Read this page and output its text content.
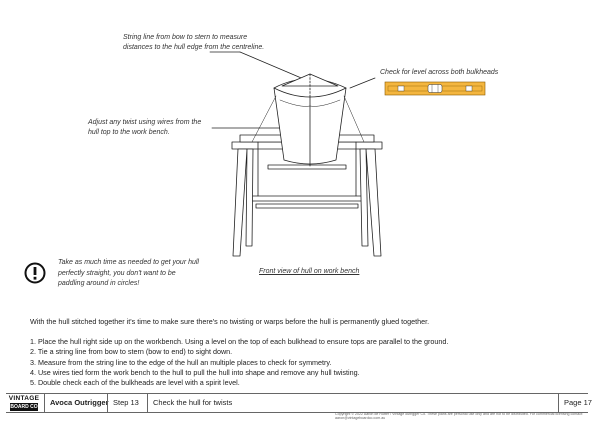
String line from bow to stern to measure
distances to the hull edge from the centreline.
Check for level across both bulkheads
Adjust any twist using wires from the
hull top to the work bench.
Front view of hull on work bench
Take as much time as needed to get your hull
perfectly straight, you don't want to be
paddling around in circles!
With the hull stitched together it's time to make sure there's no twisting or warps before the hull is permanently glued together.
1. Place the hull right side up on the workbench. Using a level on the top of each bulkhead to ensure tops are parallel to the ground.
2. Tie a string line from bow to stern (bow to end) to sight down.
3. Measure from the string line to the edge of the hull an multiple places to check for symmetry.
4. Use wires tied form the work bench to the hull to pull the hull into shape and remove any hull twisting.
5. Double check each of the bulkheads are level with a spirit level.
VINTAGE
BOARD CO	Avoca Outrigger Step 13	Check the hull for twists	Page 17
Copyright © 2022 Aaron de Rutter / Vintage outrigger Co. These plans are personal use only and are not to be distributed. For commercial licensing contact:
aaron@vintageboardco.com.au
